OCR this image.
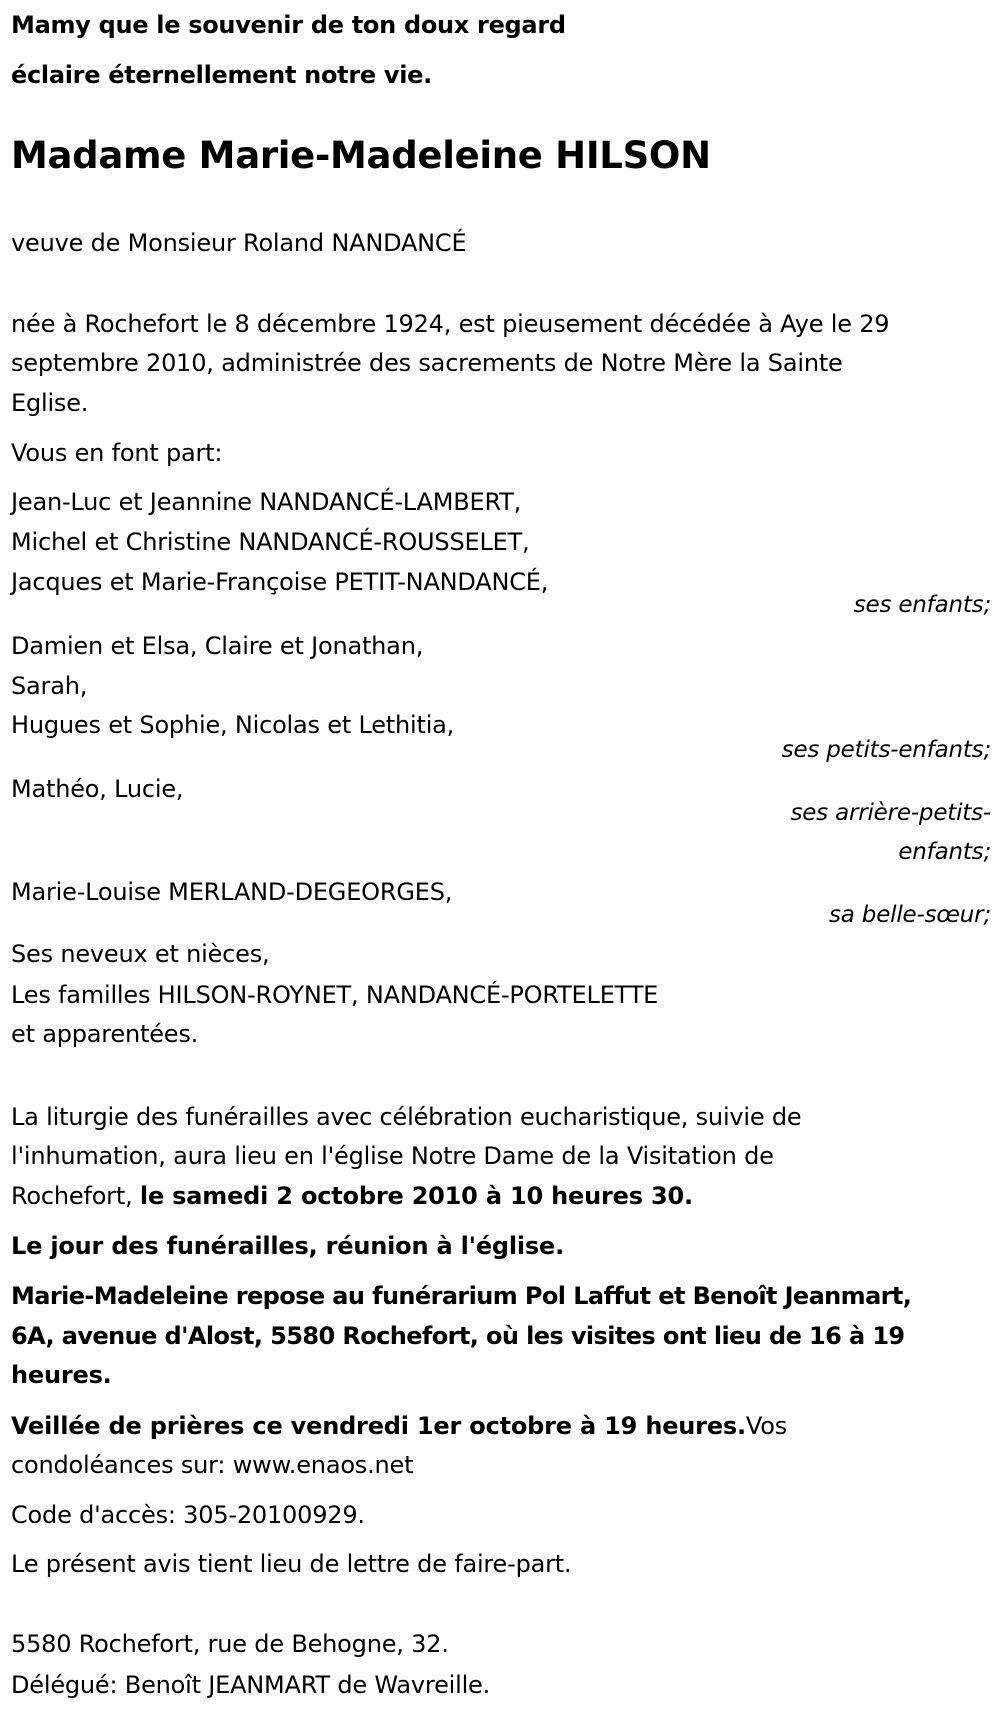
Mamy que le souvenir de ton doux regard
éclaire éternellement notre vie.
Madame Marie-Madeleine HILSON
veuve de Monsieur Roland NANDANCÉ
née à Rochefort le 8 décembre 1924, est pieusement décédée à Aye le 29
septembre 2010, administrée des sacrements de Notre Mère la Sainte
Eglise.
Vous en font part:
Jean-Luc et Jeannine NANDANCÉ-LAMBERT,
Michel et Christine NANDANCÉ-ROUSSELET,
Jacques et Marie-Françoise PETIT-NANDANCÉ,
ses enfants;
Damien et Elsa, Claire et Jonathan,
Sarah,
Hugues et Sophie, Nicolas et Lethitia,
ses petits-enfants;
Mathéo, Lucie,
ses arrière-petits-
enfants;
Marie-Louise MERLAND-DEGEORGES,
sa belle-sœur;
Ses neveux et nièces,
Les familles HILSON-ROYNET, NANDANCÉ-PORTELETTE
et apparentées.
La liturgie des funérailles avec célébration eucharistique, suivie de
l'inhumation, aura lieu en l'église Notre Dame de la Visitation de
Rochefort, le samedi 2 octobre 2010 à 10 heures 30.
Le jour des funérailles, réunion à l'église.
Marie-Madeleine repose au funérarium Pol Laffut et Benoît Jeanmart,
6A, avenue d'Alost, 5580 Rochefort, où les visites ont lieu de 16 à 19
heures.
Veillée de prières ce vendredi 1er octobre à 19 heures.Vos
condoléances sur: www.enaos.net
Code d'accès: 305-20100929.
Le présent avis tient lieu de lettre de faire-part.
5580 Rochefort, rue de Behogne, 32.
Délégué: Benoît JEANMART de Wavreille.
